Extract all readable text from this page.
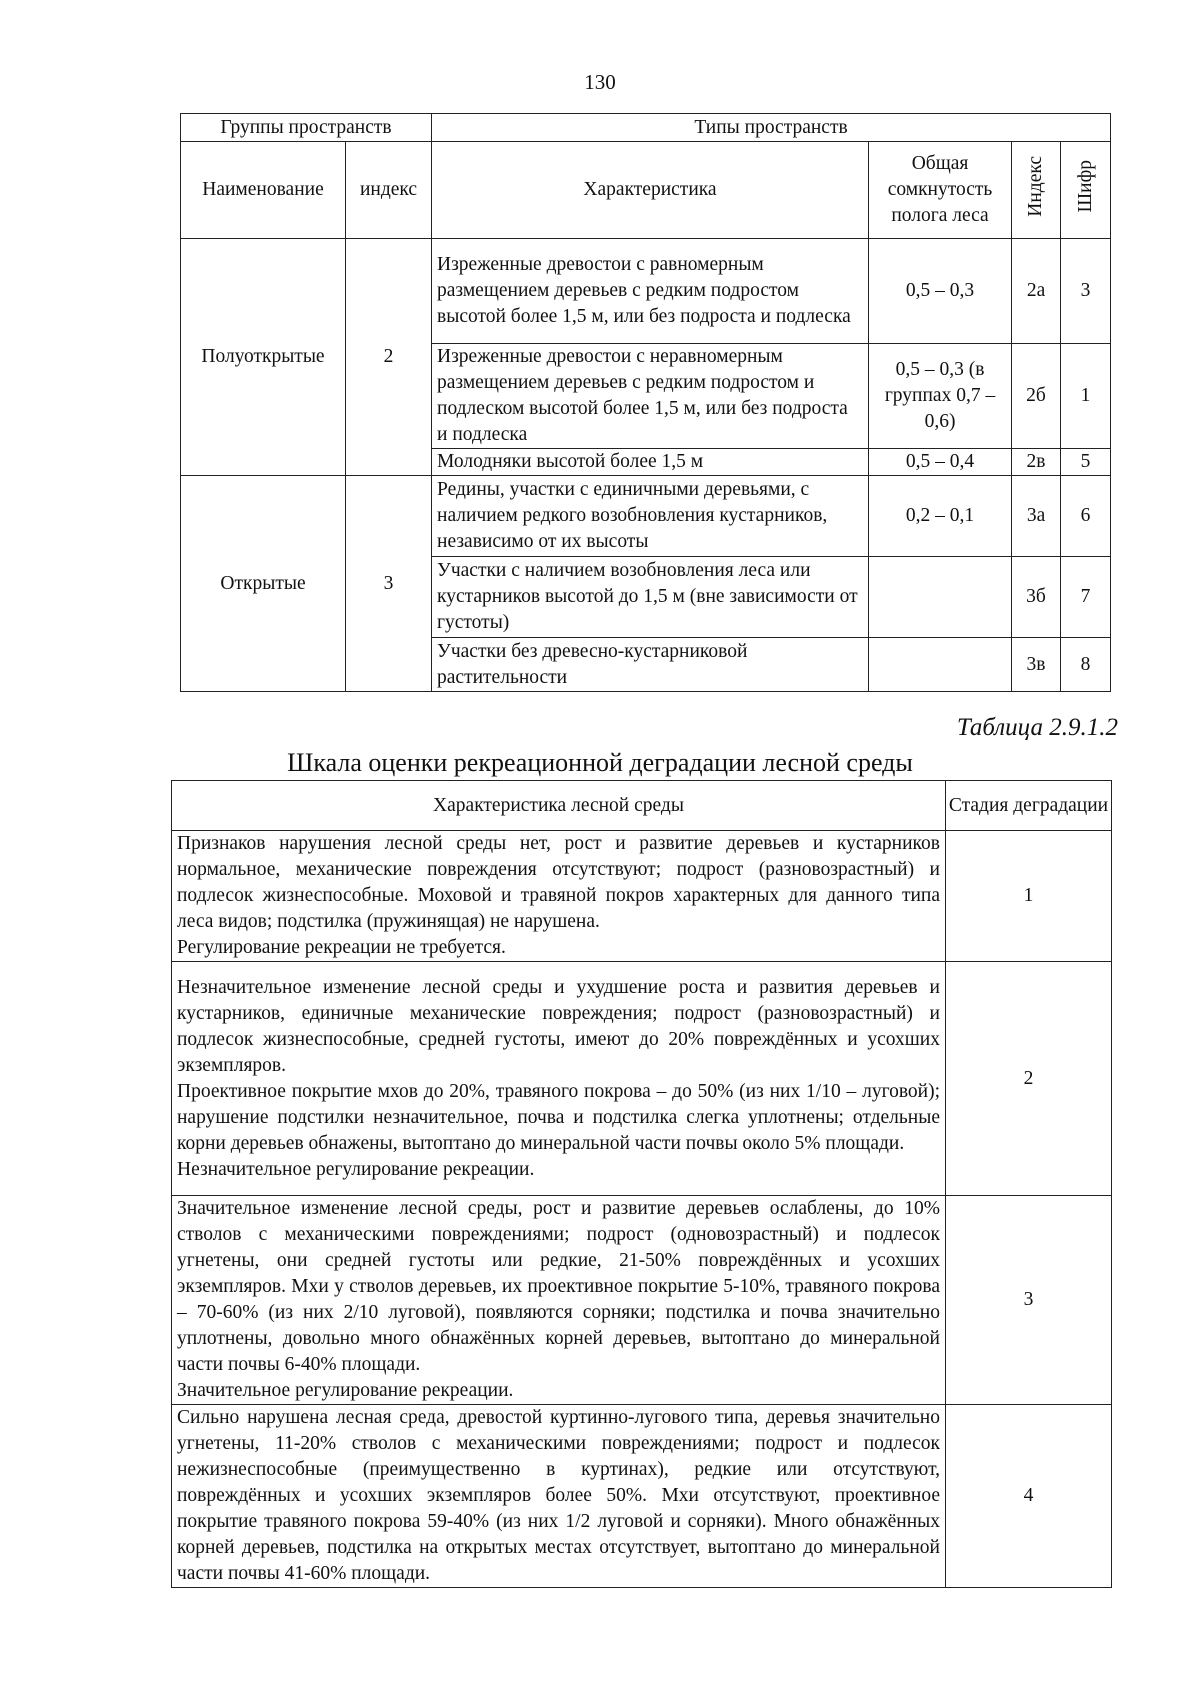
130
Группы пространств		Типы пространств			
Наименование	индекс	Характеристика	Общая сомкнутость полога леса	Индекс	Шифр
Полуоткрытые	2	Изреженные древостои с равномерным размещением деревьев с редким подростом высотой более 1,5 м, или без подроста и подлеска	0,5 – 0,3	2а	3
		Изреженные древостои с неравномерным размещением деревьев с редким подростом и подлеском высотой более 1,5 м, или без подроста и подлеска	0,5 – 0,3 (в группах 0,7 – 0,6)	2б	1
		Молодняки высотой более 1,5 м	0,5 – 0,4	2в	5
Открытые	3	Редины, участки с единичными деревьями, с наличием редкого возобновления кустарников, независимо от их высоты	0,2 – 0,1	3а	6
		Участки с наличием возобновления леса или кустарников высотой до 1,5 м (вне зависимости от густоты)		3б	7
		Участки без древесно-кустарниковой растительности		3в	8
Таблица 2.9.1.2
Шкала оценки рекреационной деградации лесной среды
Характеристика лесной среды	Стадия деградации

Признаков нарушения лесной среды нет, рост и развитие деревьев и кустарников нормальное, механические повреждения отсутствуют; подрост (разновозрастный) и подлесок жизнеспособные. Моховой и травяной покров характерных для данного типа леса видов; подстилка (пружинящая) не нарушена.

Регулирование рекреации не требуется.	1

Незначительное изменение лесной среды и ухудшение роста и развития деревьев и кустарников, единичные механические повреждения; подрост (разновозрастный) и подлесок жизнеспособные, средней густоты, имеют до 20% повреждённых и усохших экземпляров.

Проективное покрытие мхов до 20%, травяного покрова – до 50% (из них 1/10 – луговой); нарушение подстилки незначительное, почва и подстилка слегка уплотнены; отдельные корни деревьев обнажены, вытоптано до минеральной части почвы около 5% площади.

Незначительное регулирование рекреации.	2

Значительное изменение лесной среды, рост и развитие деревьев ослаблены, до 10% стволов с механическими повреждениями; подрост (одновозрастный) и подлесок угнетены, они средней густоты или редкие, 21-50% повреждённых и усохших экземпляров. Мхи у стволов деревьев, их проективное покрытие 5-10%, травяного покрова – 70-60% (из них 2/10 луговой), появляются сорняки; подстилка и почва значительно уплотнены, довольно много обнажённых корней деревьев, вытоптано до минеральной части почвы 6-40% площади.

Значительное регулирование рекреации.	3

Сильно нарушена лесная среда, древостой куртинно-лугового типа, деревья значительно угнетены, 11-20% стволов с механическими повреждениями; подрост и подлесок нежизнеспособные (преимущественно в куртинах), редкие или отсутствуют, повреждённых и усохших экземпляров более 50%. Мхи отсутствуют, проективное покрытие травяного покрова 59-40% (из них 1/2 луговой и сорняки). Много обнажённых корней деревьев, подстилка на открытых местах отсутствует, вытоптано до минеральной части почвы 41-60% площади.	4
